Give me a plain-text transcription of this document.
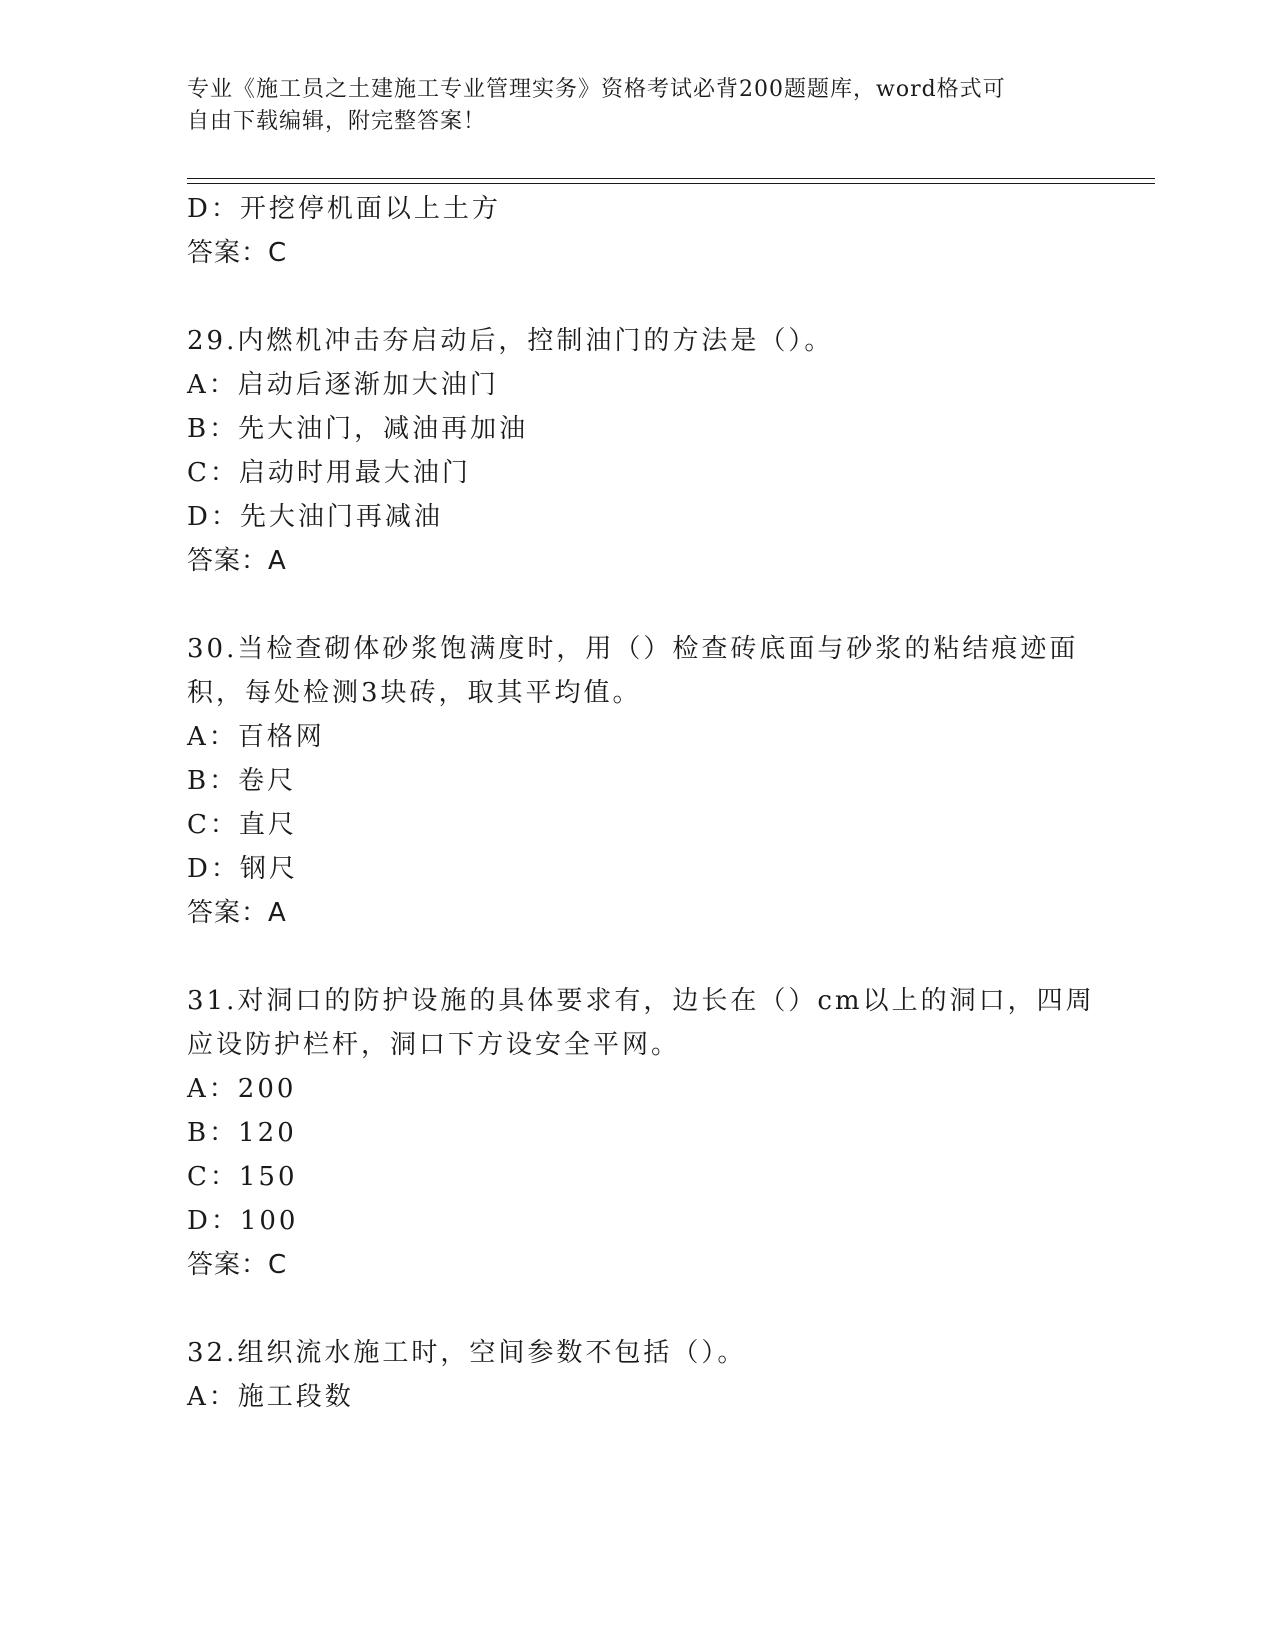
专业《施工员之土建施工专业管理实务》资格考试必背200题题库，word格式可
自由下载编辑，附完整答案！
D：开挖停机面以上土方
答案：C
29.内燃机冲击夯启动后，控制油门的方法是（）。
A：启动后逐渐加大油门
B：先大油门，减油再加油
C：启动时用最大油门
D：先大油门再减油
答案：A
30.当检查砌体砂浆饱满度时，用（）检查砖底面与砂浆的粘结痕迹面
积，每处检测3块砖，取其平均值。
A：百格网
B：卷尺
C：直尺
D：钢尺
答案：A
31.对洞口的防护设施的具体要求有，边长在（）cm以上的洞口，四周
应设防护栏杆，洞口下方设安全平网。
A：200
B：120
C：150
D：100
答案：C
32.组织流水施工时，空间参数不包括（）。
A：施工段数
